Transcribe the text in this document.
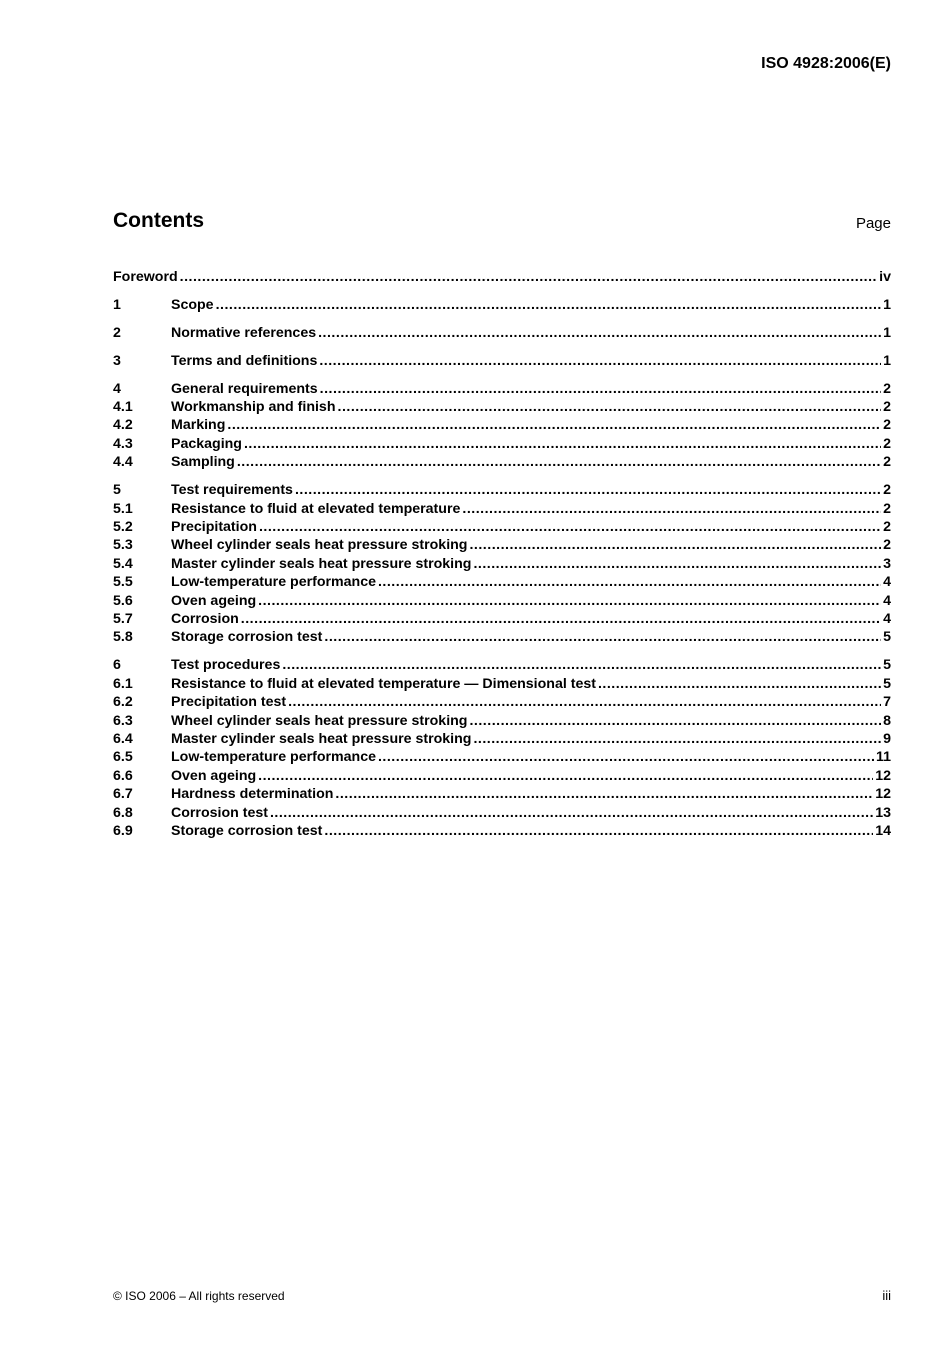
ISO 4928:2006(E)
Contents	Page
Foreword .....	iv
1	Scope .....	1
2	Normative references .....	1
3	Terms and definitions .....	1
4	General requirements .....	2
4.1	Workmanship and finish .....	2
4.2	Marking .....	2
4.3	Packaging .....	2
4.4	Sampling .....	2
5	Test requirements .....	2
5.1	Resistance to fluid at elevated temperature .....	2
5.2	Precipitation .....	2
5.3	Wheel cylinder seals heat pressure stroking .....	2
5.4	Master cylinder seals heat pressure stroking .....	3
5.5	Low-temperature performance .....	4
5.6	Oven ageing .....	4
5.7	Corrosion .....	4
5.8	Storage corrosion test .....	5
6	Test procedures .....	5
6.1	Resistance to fluid at elevated temperature — Dimensional test .....	5
6.2	Precipitation test .....	7
6.3	Wheel cylinder seals heat pressure stroking .....	8
6.4	Master cylinder seals heat pressure stroking .....	9
6.5	Low-temperature performance .....	11
6.6	Oven ageing .....	12
6.7	Hardness determination .....	12
6.8	Corrosion test .....	13
6.9	Storage corrosion test .....	14
© ISO 2006 – All rights reserved	iii
